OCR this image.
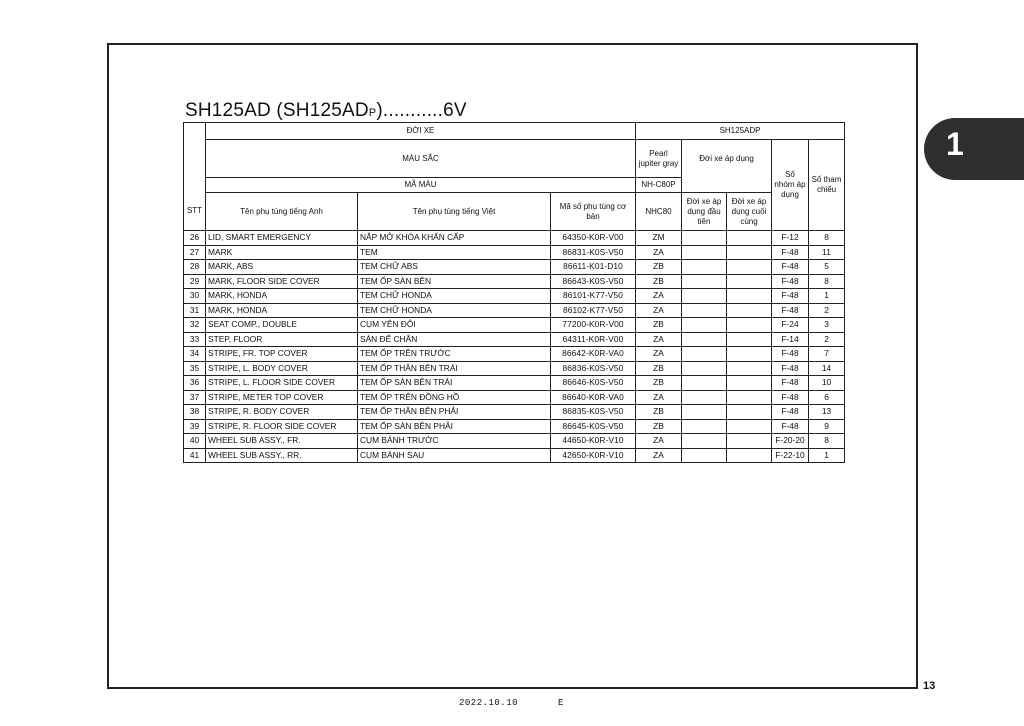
SH125AD (SH125ADP)...........6V
1
STT	ĐỜI XE			SH125ADP				
	MÀU SẮC			Pearl jupiter gray	Đời xe áp dụng		Số nhóm áp dụng	Số tham chiếu
	MÃ MÀU			NH-C80P				
	Tên phụ tùng tiếng Anh	Tên phụ tùng tiếng Việt	Mã số phụ tùng cơ bản	NHC80	Đời xe áp dụng đầu tiên	Đời xe áp dụng cuối cùng		
26	LID, SMART EMERGENCY	NẮP MỞ KHÓA KHẨN CẤP	64350-K0R-V00	ZM			F-12	8
27	MARK	TEM	86831-K0S-V50	ZA			F-48	11
28	MARK, ABS	TEM CHỮ ABS	86611-K01-D10	ZB			F-48	5
29	MARK, FLOOR SIDE COVER	TEM ỐP SÀN BÊN	86643-K0S-V50	ZB			F-48	8
30	MARK, HONDA	TEM CHỮ HONDA	86101-K77-V50	ZA			F-48	1
31	MARK, HONDA	TEM CHỮ HONDA	86102-K77-V50	ZA			F-48	2
32	SEAT COMP., DOUBLE	CỤM YÊN ĐÔI	77200-K0R-V00	ZB			F-24	3
33	STEP, FLOOR	SÀN ĐỂ CHÂN	64311-K0R-V00	ZA			F-14	2
34	STRIPE, FR. TOP COVER	TEM ỐP TRÊN TRƯỚC	86642-K0R-VA0	ZA			F-48	7
35	STRIPE, L. BODY COVER	TEM ỐP THÂN BÊN TRÁI	86836-K0S-V50	ZB			F-48	14
36	STRIPE, L. FLOOR SIDE COVER	TEM ỐP SÀN BÊN TRÁI	86646-K0S-V50	ZB			F-48	10
37	STRIPE, METER TOP COVER	TEM ỐP TRÊN ĐỒNG HỒ	86640-K0R-VA0	ZA			F-48	6
38	STRIPE, R. BODY COVER	TEM ỐP THÂN BÊN PHẢI	86835-K0S-V50	ZB			F-48	13
39	STRIPE, R. FLOOR SIDE COVER	TEM ỐP SÀN BÊN PHẢI	86645-K0S-V50	ZB			F-48	9
40	WHEEL SUB ASSY., FR.	CỤM BÁNH TRƯỚC	44650-K0R-V10	ZA			F-20-20	8
41	WHEEL SUB ASSY., RR.	CỤM BÁNH SAU	42650-K0R-V10	ZA			F-22-10	1
13
2022.10.10	E
